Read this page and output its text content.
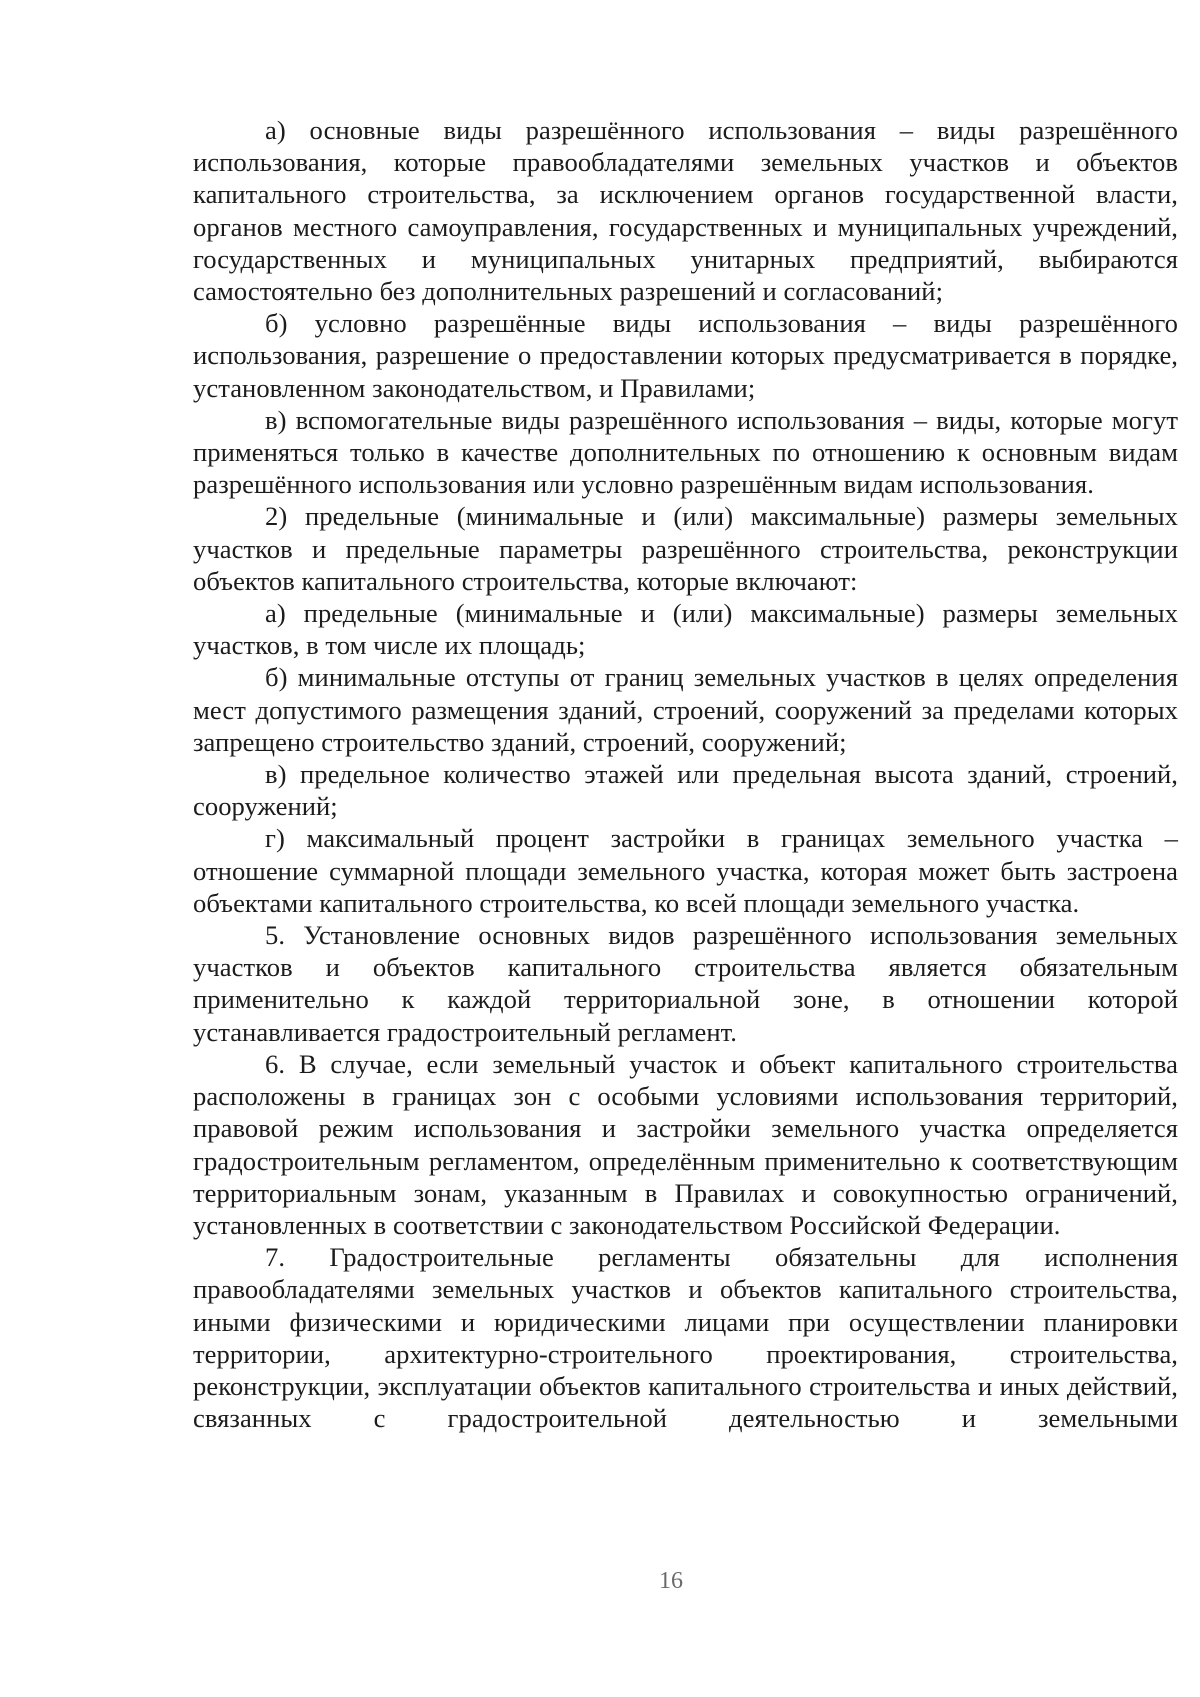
а) основные виды разрешённого использования – виды разрешённого использования, которые правообладателями земельных участков и объектов капитального строительства, за исключением органов государственной власти, органов местного самоуправления, государственных и муниципальных учреждений, государственных и муниципальных унитарных предприятий, выбираются самостоятельно без дополнительных разрешений и согласований;

б) условно разрешённые виды использования – виды разрешённого использования, разрешение о предоставлении которых предусматривается в порядке, установленном законодательством, и Правилами;

в) вспомогательные виды разрешённого использования – виды, которые могут применяться только в качестве дополнительных по отношению к основным видам разрешённого использования или условно разрешённым видам использования.

2) предельные (минимальные и (или) максимальные) размеры земельных участков и предельные параметры разрешённого строительства, реконструкции объектов капитального строительства, которые включают:

а) предельные (минимальные и (или) максимальные) размеры земельных участков, в том числе их площадь;

б) минимальные отступы от границ земельных участков в целях определения мест допустимого размещения зданий, строений, сооружений за пределами которых запрещено строительство зданий, строений, сооружений;

в) предельное количество этажей или предельная высота зданий, строений, сооружений;

г) максимальный процент застройки в границах земельного участка – отношение суммарной площади земельного участка, которая может быть застроена объектами капитального строительства, ко всей площади земельного участка.

5. Установление основных видов разрешённого использования земельных участков и объектов капитального строительства является обязательным применительно к каждой территориальной зоне, в отношении которой устанавливается градостроительный регламент.

6. В случае, если земельный участок и объект капитального строительства расположены в границах зон с особыми условиями использования территорий, правовой режим использования и застройки земельного участка определяется градостроительным регламентом, определённым применительно к соответствующим территориальным зонам, указанным в Правилах и совокупностью ограничений, установленных в соответствии с законодательством Российской Федерации.

7. Градостроительные регламенты обязательны для исполнения правообладателями земельных участков и объектов капитального строительства, иными физическими и юридическими лицами при осуществлении планировки территории, архитектурно-строительного проектирования, строительства, реконструкции, эксплуатации объектов капитального строительства и иных действий, связанных с градостроительной деятельностью и земельными

16
